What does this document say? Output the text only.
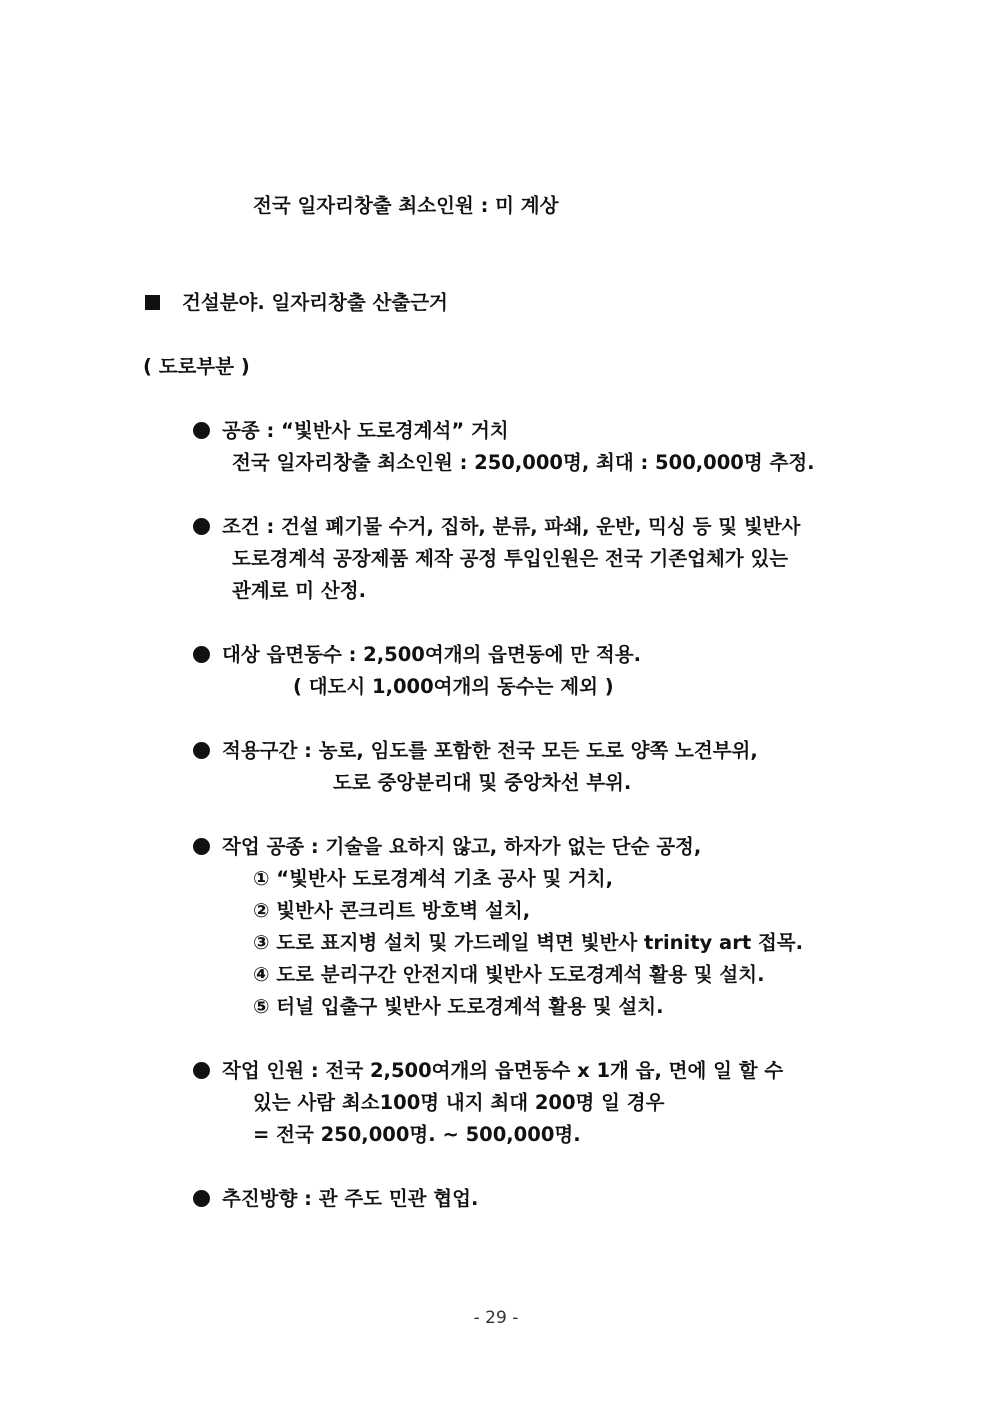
전국 일자리창출 최소인원 : 미 계상
건설분야. 일자리창출 산출근거
( 도로부분 )
공종 : “빛반사 도로경계석” 거치
전국 일자리창출 최소인원 : 250,000명, 최대 : 500,000명 추정.
조건 : 건설 폐기물 수거, 집하, 분류, 파쇄, 운반, 믹싱 등 및 빛반사
도로경계석 공장제품 제작 공정 투입인원은 전국 기존업체가 있는
관계로 미 산정.
대상 읍면동수 : 2,500여개의 읍면동에 만 적용.
( 대도시 1,000여개의 동수는 제외 )
적용구간 : 농로, 임도를 포함한 전국 모든 도로 양쪽 노견부위,
도로 중앙분리대 및 중앙차선 부위.
작업 공종 : 기술을 요하지 않고, 하자가 없는 단순 공정,
① “빛반사 도로경계석 기초 공사 및 거치,
② 빛반사 콘크리트 방호벽 설치,
③ 도로 표지병 설치 및 가드레일 벽면 빛반사 trinity art 접목.
④ 도로 분리구간 안전지대 빛반사 도로경계석 활용 및 설치.
⑤ 터널 입출구 빛반사 도로경계석 활용 및 설치.
작업 인원 : 전국 2,500여개의 읍면동수 x 1개 읍, 면에 일 할 수
있는 사람 최소100명 내지 최대 200명 일 경우
= 전국 250,000명. ~ 500,000명.
추진방향 : 관 주도 민관 협업.
- 29 -
